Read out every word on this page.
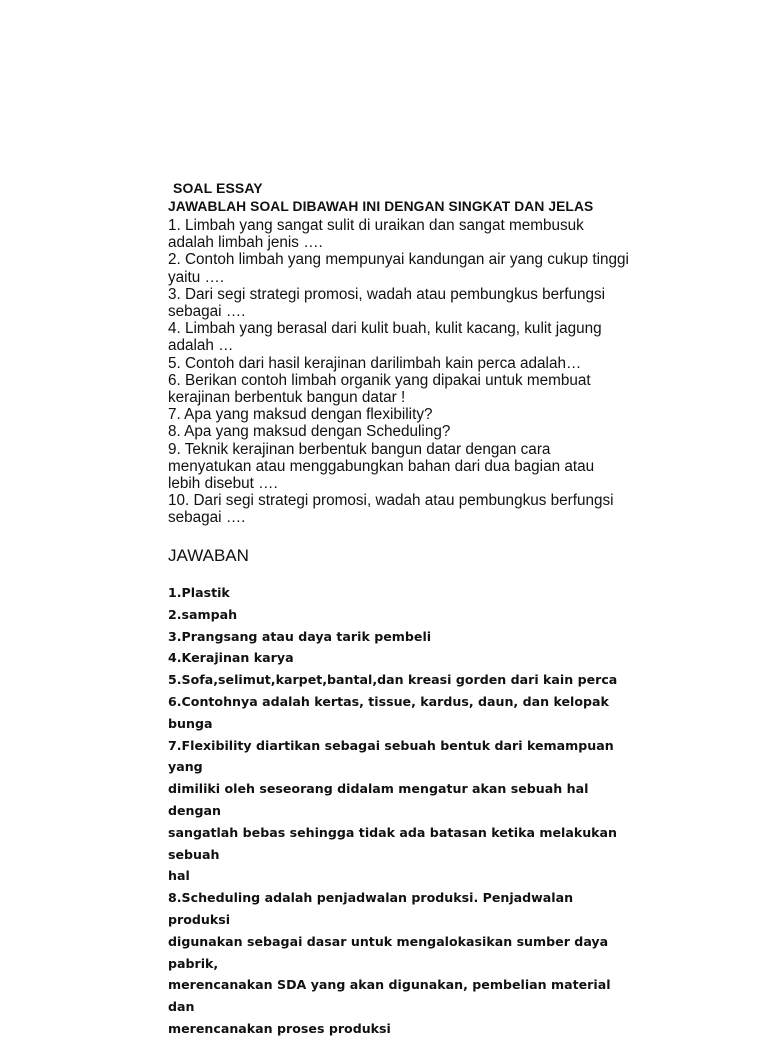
SOAL ESSAY
JAWABLAH SOAL DIBAWAH INI DENGAN SINGKAT DAN JELAS
1. Limbah yang sangat sulit di uraikan dan sangat membusuk
adalah limbah jenis ….
2. Contoh limbah yang mempunyai kandungan air yang cukup tinggi
yaitu ….
3. Dari segi strategi promosi, wadah atau pembungkus berfungsi
sebagai ….
4. Limbah yang berasal dari kulit buah, kulit kacang, kulit jagung
adalah …
5. Contoh dari hasil kerajinan darilimbah kain perca adalah…
6. Berikan contoh limbah organik yang dipakai untuk membuat
kerajinan berbentuk bangun datar !
7. Apa yang maksud dengan flexibility?
8. Apa yang maksud dengan Scheduling?
9. Teknik kerajinan berbentuk bangun datar dengan cara
menyatukan atau menggabungkan bahan dari dua bagian atau
lebih disebut ….
10. Dari segi strategi promosi, wadah atau pembungkus berfungsi
sebagai ….
JAWABAN
1.Plastik
2.sampah
3.Prangsang atau daya tarik pembeli
4.Kerajinan karya
5.Sofa,selimut,karpet,bantal,dan kreasi gorden dari kain perca
6.Contohnya adalah kertas, tissue, kardus, daun, dan kelopak bunga
7.Flexibility diartikan sebagai sebuah bentuk dari kemampuan yang
dimiliki oleh seseorang didalam mengatur akan sebuah hal dengan
sangatlah bebas sehingga tidak ada batasan ketika melakukan sebuah
hal
8.Scheduling adalah penjadwalan produksi. Penjadwalan produksi
digunakan sebagai dasar untuk mengalokasikan sumber daya pabrik,
merencanakan SDA yang akan digunakan, pembelian material dan
merencanakan proses produksi
